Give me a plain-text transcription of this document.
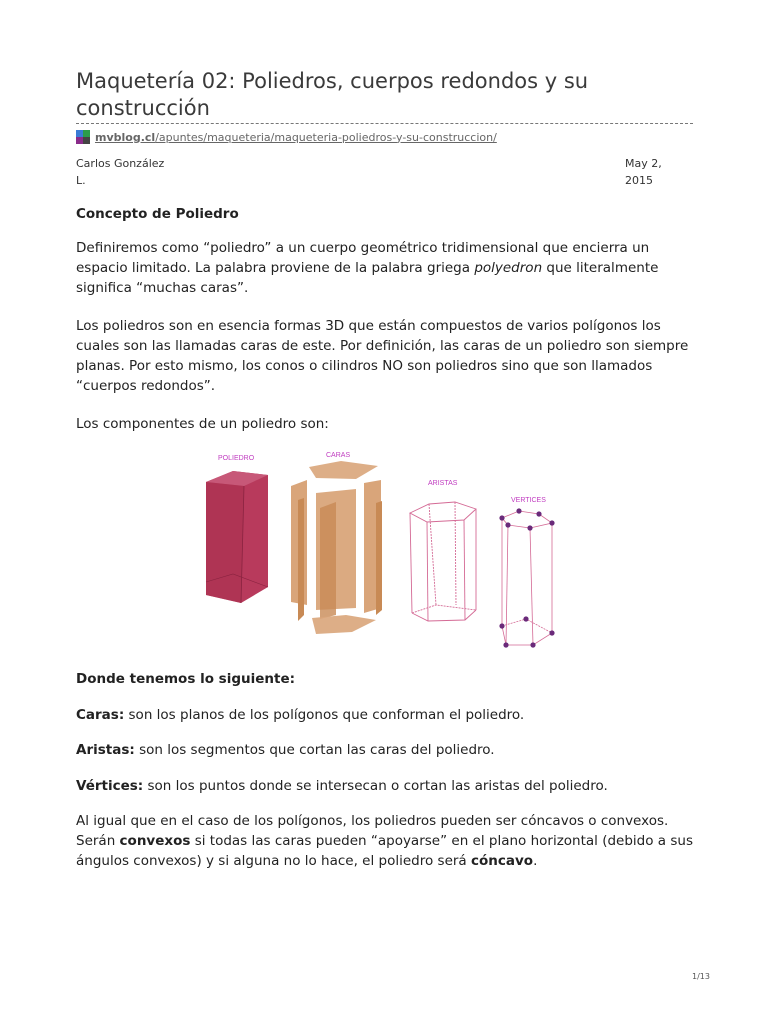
Maquetería 02: Poliedros, cuerpos redondos y su construcción
mvblog.cl/apuntes/maqueteria/maqueteria-poliedros-y-su-construccion/
Carlos González L.
May 2, 2015

Concepto de Poliedro

Definiremos como “poliedro” a un cuerpo geométrico tridimensional que encierra un espacio limitado. La palabra proviene de la palabra griega polyedron que literalmente significa “muchas caras”.

Los poliedros son en esencia formas 3D que están compuestos de varios polígonos los cuales son las llamadas caras de este. Por definición, las caras de un poliedro son siempre planas. Por esto mismo, los conos o cilindros NO son poliedros sino que son llamados “cuerpos redondos”.

Los componentes de un poliedro son:

POLIEDRO	CARAS
ARISTAS
VERTICES

Donde tenemos lo siguiente:

Caras: son los planos de los polígonos que conforman el poliedro.

Aristas: son los segmentos que cortan las caras del poliedro.

Vértices: son los puntos donde se intersecan o cortan las aristas del poliedro.

Al igual que en el caso de los polígonos, los poliedros pueden ser cóncavos o convexos. Serán convexos si todas las caras pueden “apoyarse” en el plano horizontal (debido a sus ángulos convexos) y si alguna no lo hace, el poliedro será cóncavo.

1/13
